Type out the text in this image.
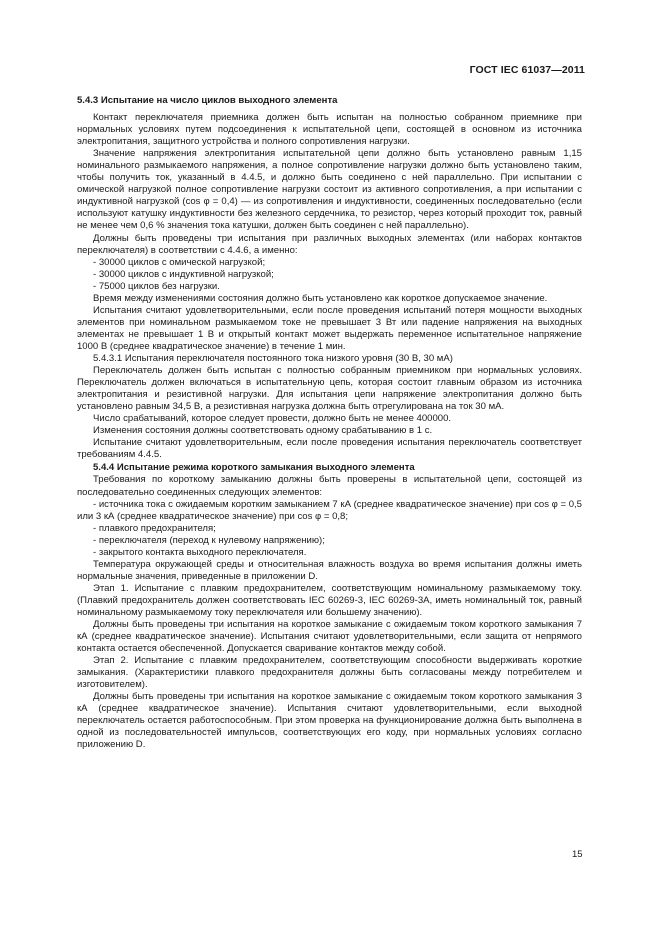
ГОСТ IEC 61037—2011

5.4.3 Испытание на число циклов выходного элемента

Контакт переключателя приемника должен быть испытан на полностью собранном приемнике при нормальных условиях путем подсоединения к испытательной цепи, состоящей в основном из источника электропитания, защитного устройства и полного сопротивления нагрузки.

Значение напряжения электропитания испытательной цепи должно быть установлено равным 1,15 номинального размыкаемого напряжения, а полное сопротивление нагрузки должно быть установлено таким, чтобы получить ток, указанный в 4.4.5, и должно быть соединено с ней параллельно. При испытании с омической нагрузкой полное сопротивление нагрузки состоит из активного сопротивления, а при испытании с индуктивной нагрузкой (cos φ = 0,4) — из сопротивления и индуктивности, соединенных последовательно (если используют катушку индуктивности без железного сердечника, то резистор, через который проходит ток, равный не менее чем 0,6 % значения тока катушки, должен быть соединен с ней параллельно).

Должны быть проведены три испытания при различных выходных элементах (или наборах контактов переключателя) в соответствии с 4.4.6, а именно:

- 30000 циклов с омической нагрузкой;

- 30000 циклов с индуктивной нагрузкой;

- 75000 циклов без нагрузки.

Время между изменениями состояния должно быть установлено как короткое допускаемое значение.

Испытания считают удовлетворительными, если после проведения испытаний потеря мощности выходных элементов при номинальном размыкаемом токе не превышает 3 Вт или падение напряжения на выходных элементах не превышает 1 В и открытый контакт может выдержать переменное испытательное напряжение 1000 В (среднее квадратическое значение) в течение 1 мин.

5.4.3.1 Испытания переключателя постоянного тока низкого уровня (30 В, 30 мА)

Переключатель должен быть испытан с полностью собранным приемником при нормальных условиях. Переключатель должен включаться в испытательную цепь, которая состоит главным образом из источника электропитания и резистивной нагрузки. Для испытания цепи напряжение электропитания должно быть установлено равным 34,5 В, а резистивная нагрузка должна быть отрегулирована на ток 30 мА.

Число срабатываний, которое следует провести, должно быть не менее 400000.

Изменения состояния должны соответствовать одному срабатыванию в 1 с.

Испытание считают удовлетворительным, если после проведения испытания переключатель соответствует требованиям 4.4.5.

5.4.4 Испытание режима короткого замыкания выходного элемента

Требования по короткому замыканию должны быть проверены в испытательной цепи, состоящей из последовательно соединенных следующих элементов:

- источника тока с ожидаемым коротким замыканием 7 кА (среднее квадратическое значение) при cos φ = 0,5 или 3 кА (среднее квадратическое значение) при cos φ = 0,8;

- плавкого предохранителя;

- переключателя (переход к нулевому напряжению);

- закрытого контакта выходного переключателя.

Температура окружающей среды и относительная влажность воздуха во время испытания должны иметь нормальные значения, приведенные в приложении D.

Этап 1. Испытание с плавким предохранителем, соответствующим номинальному размыкаемому току. (Плавкий предохранитель должен соответствовать IEC 60269-3, IEC 60269-3A, иметь номинальный ток, равный номинальному размыкаемому току переключателя или большему значению).

Должны быть проведены три испытания на короткое замыкание с ожидаемым током короткого замыкания 7 кА (среднее квадратическое значение). Испытания считают удовлетворительными, если защита от непрямого контакта остается обеспеченной. Допускается сваривание контактов между собой.

Этап 2. Испытание с плавким предохранителем, соответствующим способности выдерживать короткие замыкания. (Характеристики плавкого предохранителя должны быть согласованы между потребителем и изготовителем).

Должны быть проведены три испытания на короткое замыкание с ожидаемым током короткого замыкания 3 кА (среднее квадратическое значение). Испытания считают удовлетворительными, если выходной переключатель остается работоспособным. При этом проверка на функционирование должна быть выполнена в одной из последовательностей импульсов, соответствующих его коду, при нормальных условиях согласно приложению D.

15
